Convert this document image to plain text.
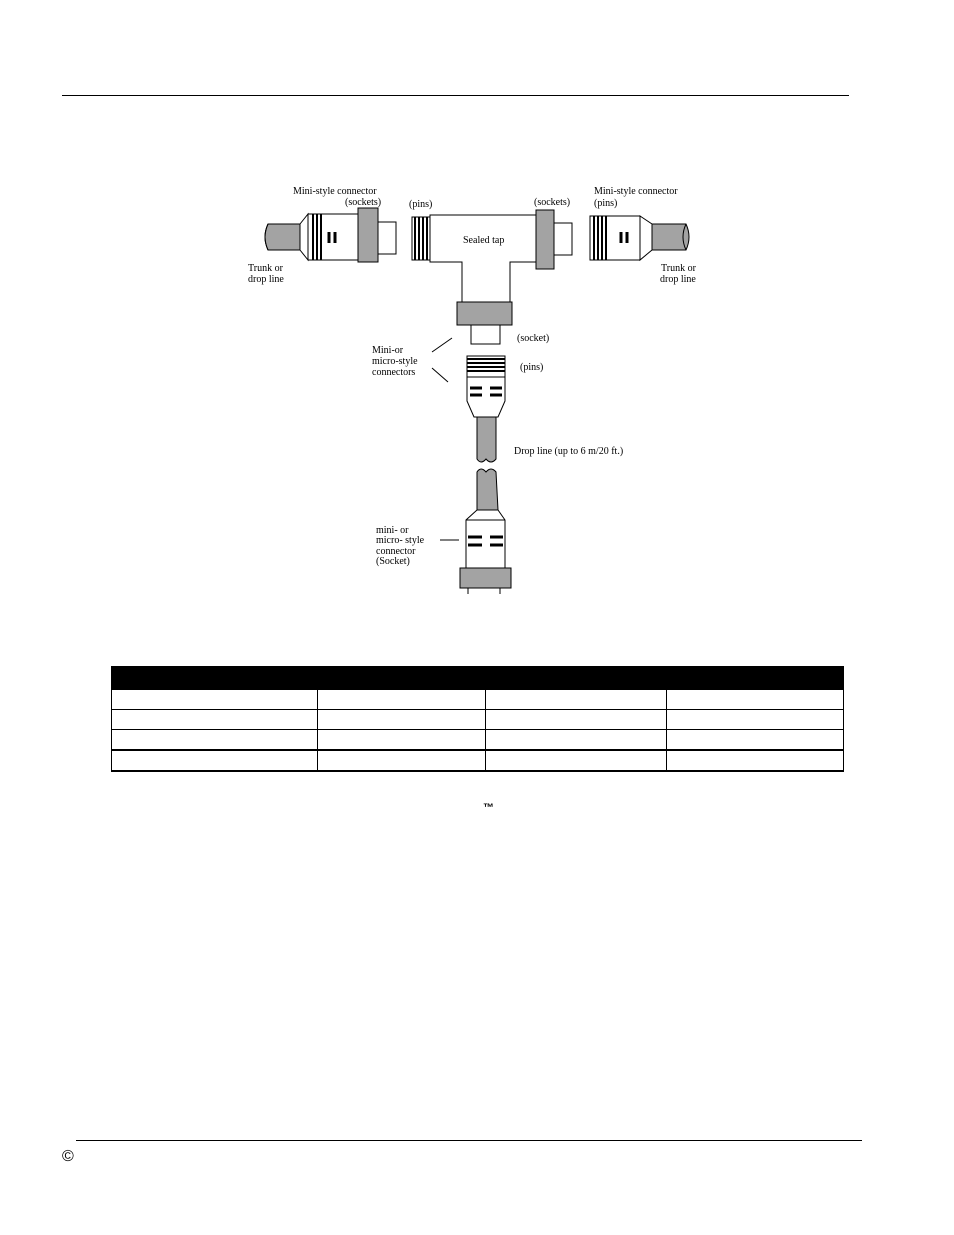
Mini-style connector
(sockets)	(pins)	(sockets)
Mini-style connector
(pins)
Sealed tap
Trunk or
drop line
Trunk or
drop line
Mini-or
micro-style
connectors
(socket)
(pins)
Drop line (up to 6 m/20 ft.)
mini- or
micro- style
connector
(Socket)

™
©
